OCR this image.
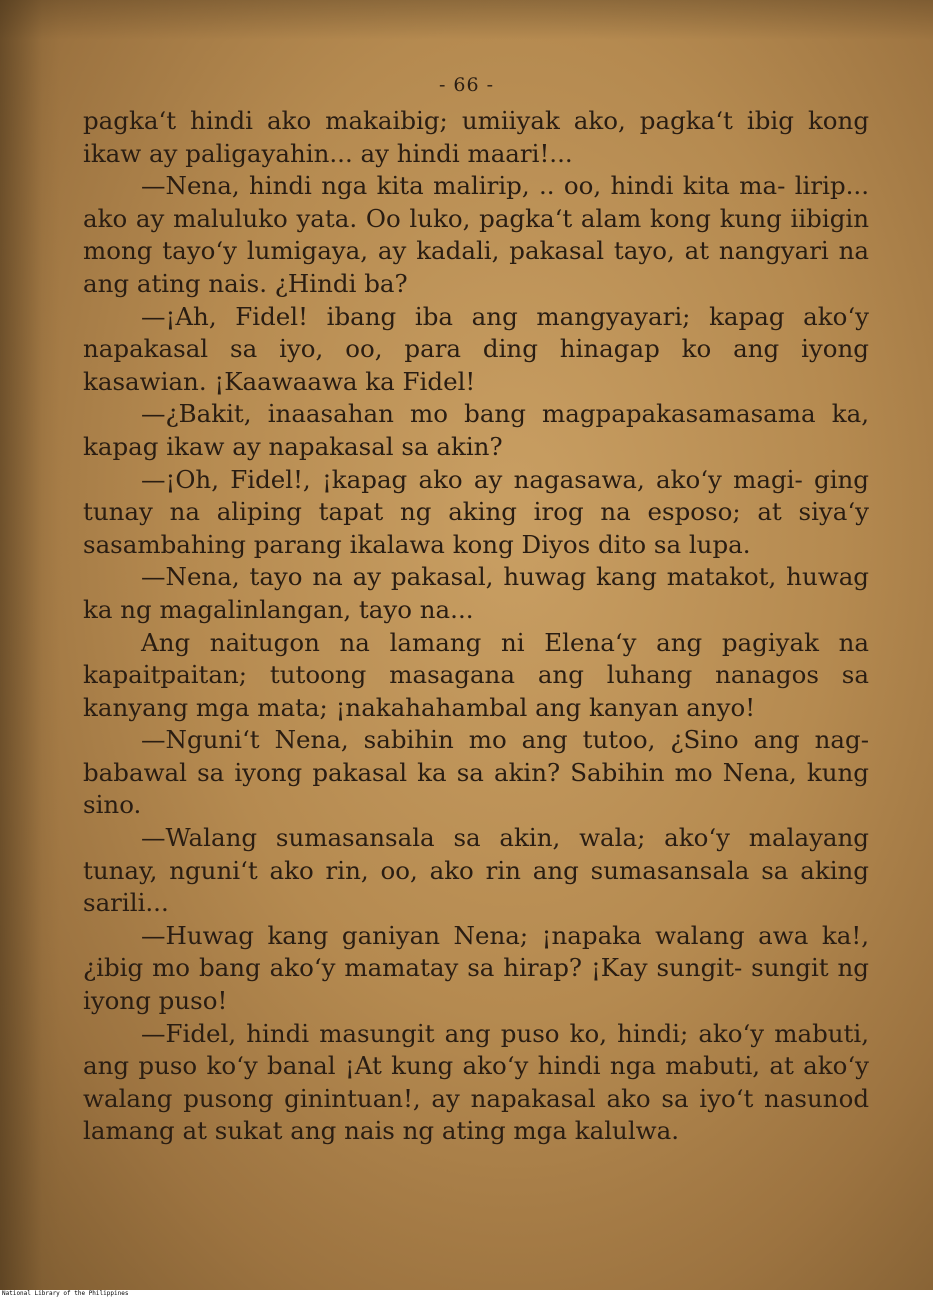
- 66 -

pagka‘t hindi ako makaibig; umiiyak ako, pagka‘t ibig kong ikaw ay paligayahin... ay hindi maari!...

—Nena, hindi nga kita malirip, .. oo, hindi kita ma- lirip... ako ay maluluko yata. Oo luko, pagka‘t alam kong kung iibigin mong tayo‘y lumigaya, ay kadali, pakasal tayo, at nangyari na ang ating nais. ¿Hindi ba?

—¡Ah, Fidel! ibang iba ang mangyayari; kapag ako‘y napakasal sa iyo, oo, para ding hinagap ko ang iyong kasawian. ¡Kaawaawa ka Fidel!

—¿Bakit, inaasahan mo bang magpapakasamasama ka, kapag ikaw ay napakasal sa akin?

—¡Oh, Fidel!, ¡kapag ako ay nagasawa, ako‘y magi- ging tunay na aliping tapat ng aking irog na esposo; at siya‘y sasambahing parang ikalawa kong Diyos dito sa lupa.

—Nena, tayo na ay pakasal, huwag kang matakot, huwag ka ng magalinlangan, tayo na...

Ang naitugon na lamang ni Elena‘y ang pagiyak na kapaitpaitan; tutoong masagana ang luhang nanagos sa kanyang mga mata; ¡nakahahambal ang kanyan anyo!

—Nguni‘t Nena, sabihin mo ang tutoo, ¿Sino ang nag- babawal sa iyong pakasal ka sa akin? Sabihin mo Nena, kung sino.

—Walang sumasansala sa akin, wala; ako‘y malayang tunay, nguni‘t ako rin, oo, ako rin ang sumasansala sa aking sarili...

—Huwag kang ganiyan Nena; ¡napaka walang awa ka!, ¿ibig mo bang ako‘y mamatay sa hirap? ¡Kay sungit- sungit ng iyong puso!

—Fidel, hindi masungit ang puso ko, hindi; ako‘y mabuti, ang puso ko‘y banal ¡At kung ako‘y hindi nga mabuti, at ako‘y walang pusong ginintuan!, ay napakasal ako sa iyo‘t nasunod lamang at sukat ang nais ng ating mga kalulwa.

National Library of the Philippines
